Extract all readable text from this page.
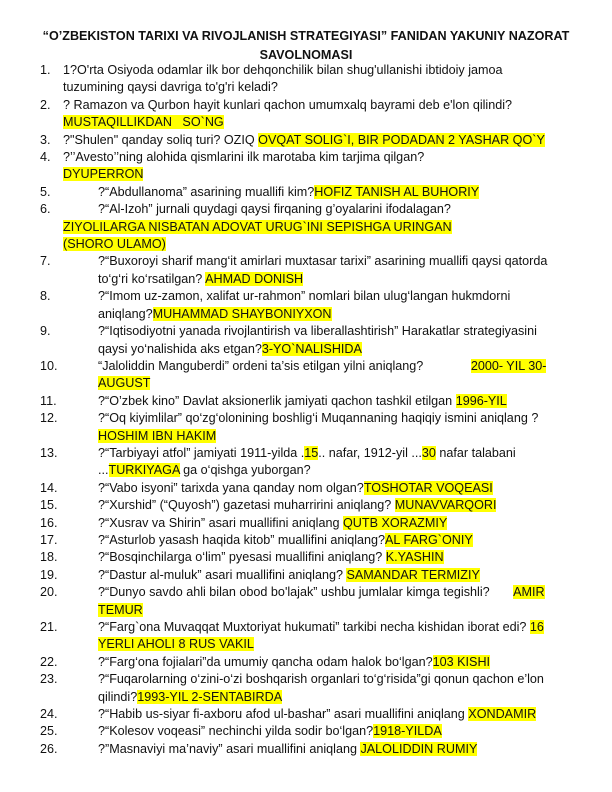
“O’ZBEKISTON TARIXI VA RIVOJLANISH STRATEGIYASI” FANIDAN YAKUNIY NAZORAT
SAVOLNOMASI
1. 1?O'rta Osiyoda odamlar ilk bor dehqonchilik bilan shug'ullanishi ibtidoiy jamoa tuzumining qaysi davriga to'g'ri keladi?
2. ? Ramazon va Qurbon hayit kunlari qachon umumxalq bayrami deb e'lon qilindi?
MUSTAQILLIKDAN   SO`NG
3. ?"Shulen" qanday soliq turi? OZIQ OVQAT SOLIG`I, BIR PODADAN 2 YASHAR QO`Y
4. ?’’Avesto’’ning alohida qismlarini ilk marotaba kim tarjima qilgan?
DYUPERRON
5.	?“Abdullanoma” asarining muallifi kim?HOFIZ TANISH AL BUHORIY
6.	?“Al-Izoh” jurnali quydagi qaysi firqaning g’oyalarini ifodalagan?
ZIYOLILARGA NISBATAN ADOVAT URUG`INI SEPISHGA URINGAN (SHORO ULAMO)
7.	?“Buxoroyi sharif mang‘it amirlari muxtasar tarixi” asarining muallifi qaysi qatorda to‘g‘ri ko‘rsatilgan? AHMAD DONISH
8.	?“Imom uz-zamon, xalifat ur-rahmon” nomlari bilan ulug‘langan hukmdorni aniqlang?MUHAMMAD SHAYBONIYXON
9.	?“Iqtisodiyotni yanada rivojlantirish va liberallashtirish” Harakatlar strategiyasini qaysi yo‘nalishida aks etgan?3-YO`NALISHIDA
10.	“Jaloliddin Manguberdi” ordeni ta’sis etilgan yilni aniqlang?	2000- YIL 30-AUGUST
11.	?“O’zbek kino” Davlat aksionerlik jamiyati qachon tashkil etilgan 1996-YIL
12.	?“Oq kiyimlilar” qo‘zg‘olonining boshlig‘i Muqannaning haqiqiy ismini aniqlang ? HOSHIM IBN HAKIM
13.	?“Tarbiyayi atfol” jamiyati 1911-yilda .15.. nafar, 1912-yil ...30 nafar talabani ...TURKIYAGA ga o‘qishga yuborgan?
14.	?“Vabo isyoni” tarixda yana qanday nom olgan?TOSHOTAR VOQEASI
15.	?“Xurshid” (“Quyosh”) gazetasi muharririni aniqlang? MUNAVVARQORI
16.	?“Xusrav va Shirin” asari muallifini aniqlang QUTB XORAZMIY
17.	?“Asturlob yasash haqida kitob” muallifini aniqlang?AL FARG`ONIY
18.	?“Bosqinchilarga o‘lim” pyesasi muallifini aniqlang? K.YASHIN
19.	?“Dastur al-muluk” asari muallifini aniqlang? SAMANDAR TERMIZIY
20.	?“Dunyo savdo ahli bilan obod bo'lajak” ushbu jumlalar kimga tegishli? AMIR TEMUR
21.	?“Farg`ona Muvaqqat Muxtoriyat hukumati” tarkibi necha kishidan iborat edi? 16 YERLI AHOLI 8 RUS VAKIL
22.	?“Farg‘ona fojialari”da umumiy qancha odam halok bo‘lgan?103 KISHI
23.	?“Fuqarolarning o‘zini-o‘zi boshqarish organlari to‘g‘risida”gi qonun qachon e’lon qilindi?1993-YIL 2-SENTABIRDA
24.	?“Habib us-siyar fi-axboru afod ul-bashar” asari muallifini aniqlang XONDAMIR
25.	?“Kolesov voqeasi” nechinchi yilda sodir bo‘lgan?1918-YILDA
26.	?”Masnaviyi ma’naviy” asari muallifini aniqlang JALOLIDDIN RUMIY
